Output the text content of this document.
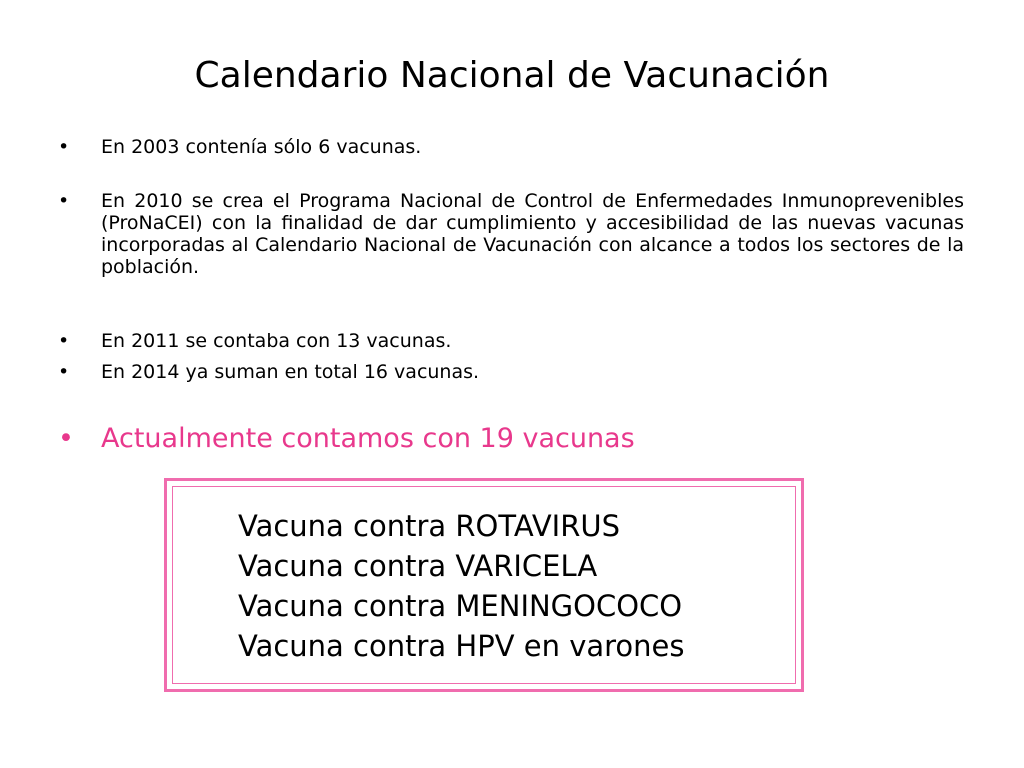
Calendario Nacional de Vacunación
• En 2003 contenía sólo 6 vacunas.
• En 2010 se crea el Programa Nacional de Control de Enfermedades Inmunoprevenibles (ProNaCEI) con la finalidad de dar cumplimiento y accesibilidad de las nuevas vacunas incorporadas al Calendario Nacional de Vacunación con alcance a todos los sectores de la población.
• En 2011 se contaba con 13 vacunas.
• En 2014 ya suman en total 16 vacunas.
• Actualmente contamos con 19 vacunas
Vacuna contra ROTAVIRUS
Vacuna contra VARICELA
Vacuna contra MENINGOCOCO
Vacuna contra HPV en varones
